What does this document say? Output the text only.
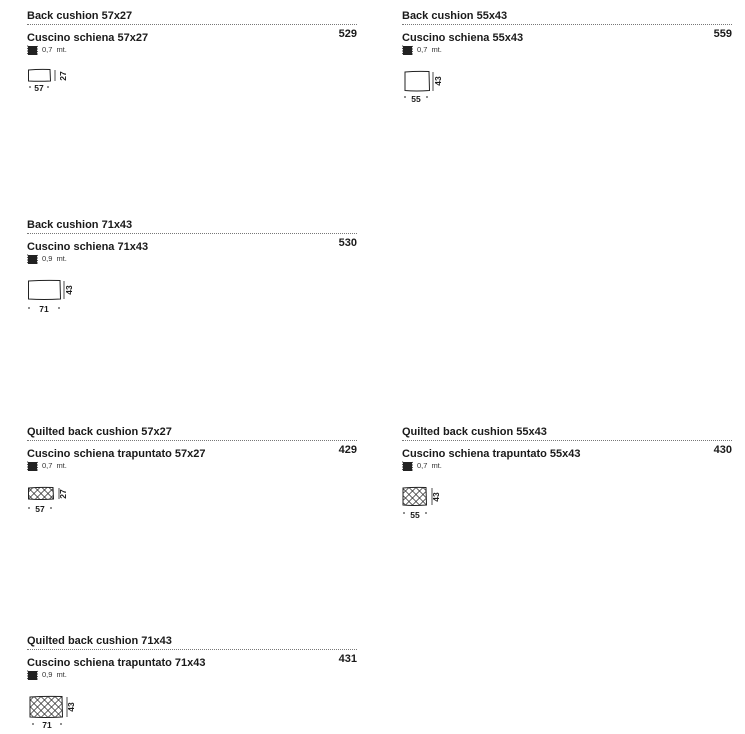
Back cushion 57x27
Cuscino schiena 57x27	529
0,7 mt.
57
27
Back cushion 55x43
Cuscino schiena 55x43	559
0,7 mt.
55
43
Back cushion 71x43
Cuscino schiena 71x43	530
0,9 mt.
71
43
Quilted back cushion 57x27
Cuscino schiena trapuntato 57x27	429
0,7 mt.
57
27
Quilted back cushion 55x43
Cuscino schiena trapuntato 55x43	430
0,7 mt.
55
43
Quilted back cushion 71x43
Cuscino schiena trapuntato 71x43	431
0,9 mt.
71
43
